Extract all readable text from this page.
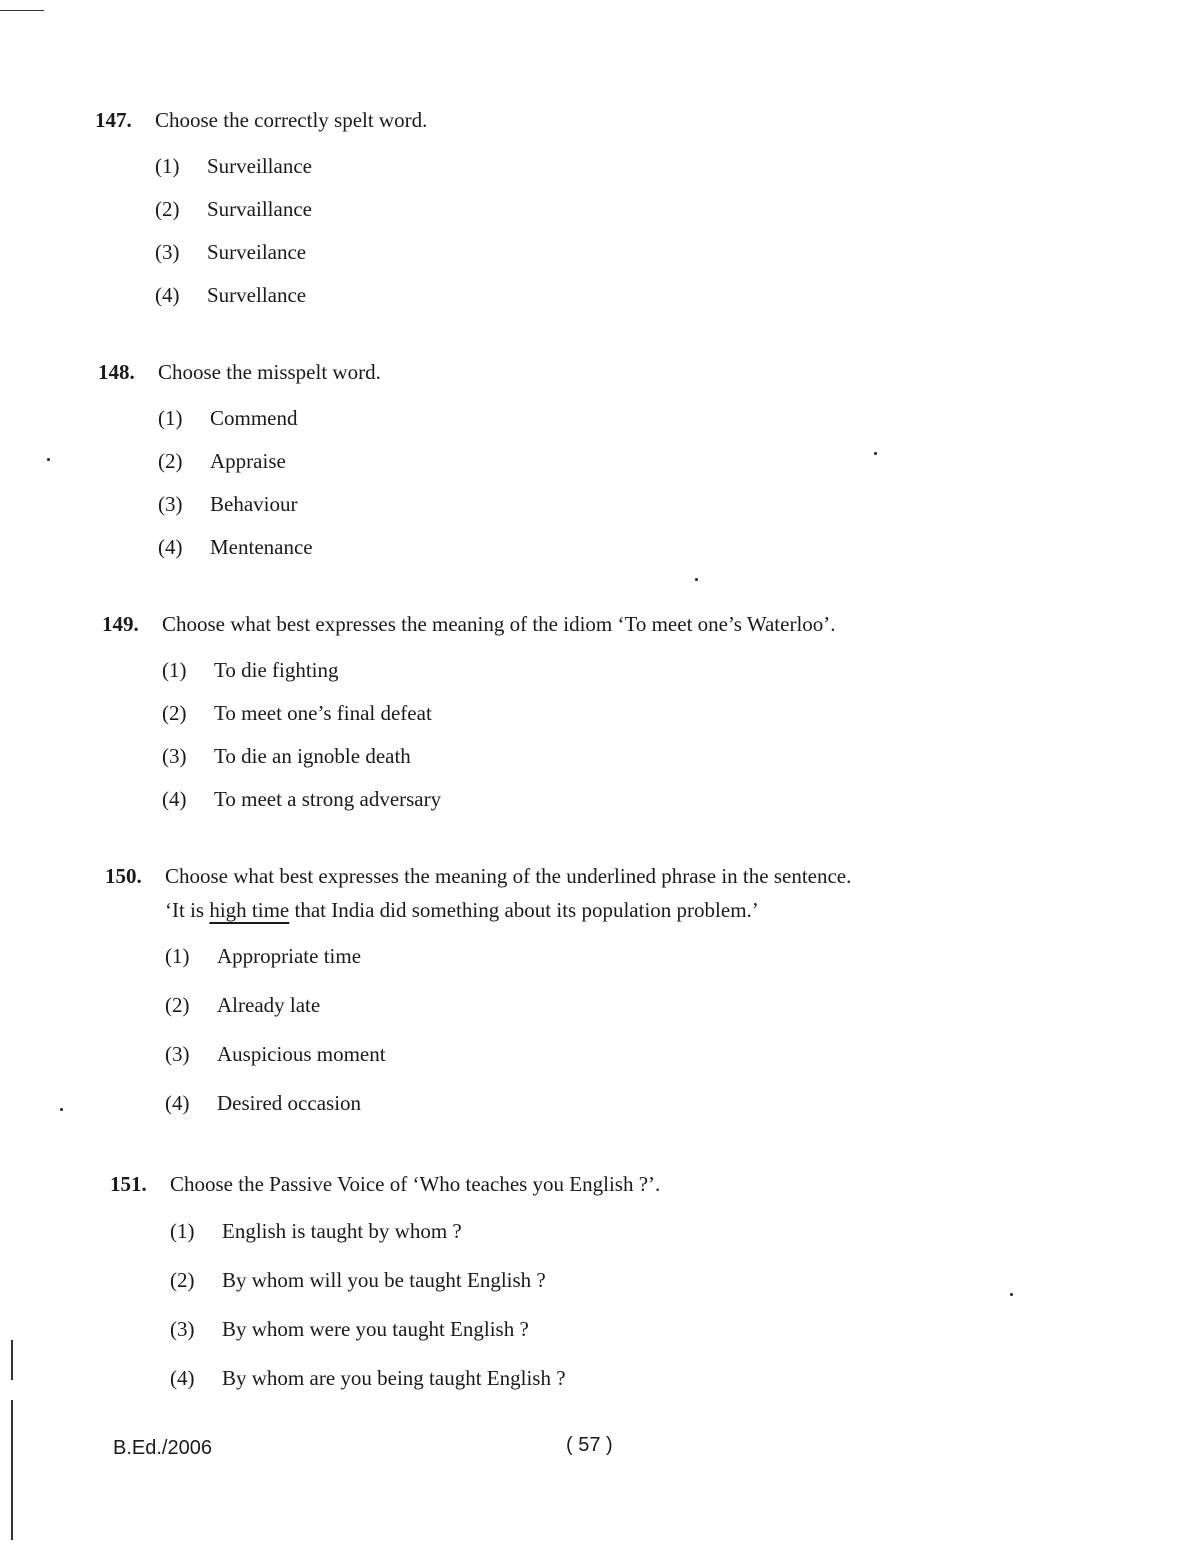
147. Choose the correctly spelt word.
(1) Surveillance
(2) Survaillance
(3) Surveilance
(4) Survellance
148. Choose the misspelt word.
(1) Commend
(2) Appraise
(3) Behaviour
(4) Mentenance
149. Choose what best expresses the meaning of the idiom ‘To meet one’s Waterloo’.
(1) To die fighting
(2) To meet one’s final defeat
(3) To die an ignoble death
(4) To meet a strong adversary
150. Choose what best expresses the meaning of the underlined phrase in the sentence.
‘It is high time that India did something about its population problem.’
(1) Appropriate time
(2) Already late
(3) Auspicious moment
(4) Desired occasion
151. Choose the Passive Voice of ‘Who teaches you English ?’.
(1) English is taught by whom ?
(2) By whom will you be taught English ?
(3) By whom were you taught English ?
(4) By whom are you being taught English ?
B.Ed./2006	( 57 )
